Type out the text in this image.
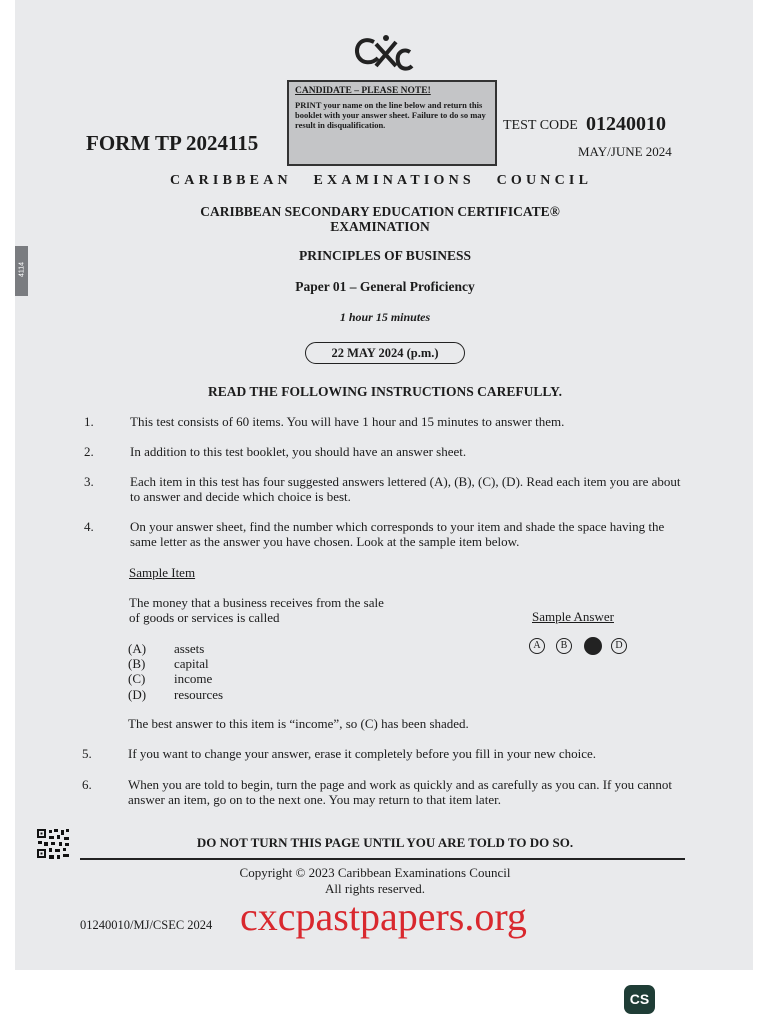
4114
CANDIDATE – PLEASE NOTE!
PRINT your name on the line below and return this booklet with your answer sheet. Failure to do so may result in disqualification.
FORM TP 2024115
TEST CODE 01240010
MAY/JUNE 2024
CARIBBEAN EXAMINATIONS COUNCIL
CARIBBEAN SECONDARY EDUCATION CERTIFICATE®
EXAMINATION
PRINCIPLES OF BUSINESS
Paper 01 – General Proficiency
1 hour 15 minutes
22 MAY 2024 (p.m.)
READ THE FOLLOWING INSTRUCTIONS CAREFULLY.
1.	This test consists of 60 items. You will have 1 hour and 15 minutes to answer them.
2.	In addition to this test booklet, you should have an answer sheet.
3.	Each item in this test has four suggested answers lettered (A), (B), (C), (D). Read each item you are about to answer and decide which choice is best.
4.	On your answer sheet, find the number which corresponds to your item and shade the space having the same letter as the answer you have chosen. Look at the sample item below.
Sample Item
The money that a business receives from the sale
of goods or services is called
(A) assets
(B) capital
(C) income
(D) resources
Sample Answer
A	B	D
The best answer to this item is “income”, so (C) has been shaded.
5.	If you want to change your answer, erase it completely before you fill in your new choice.
6.	When you are told to begin, turn the page and work as quickly and as carefully as you can. If you cannot answer an item, go on to the next one. You may return to that item later.
DO NOT TURN THIS PAGE UNTIL YOU ARE TOLD TO DO SO.
Copyright © 2023 Caribbean Examinations Council
All rights reserved.
01240010/MJ/CSEC 2024 cxcpastpapers.org
CS
